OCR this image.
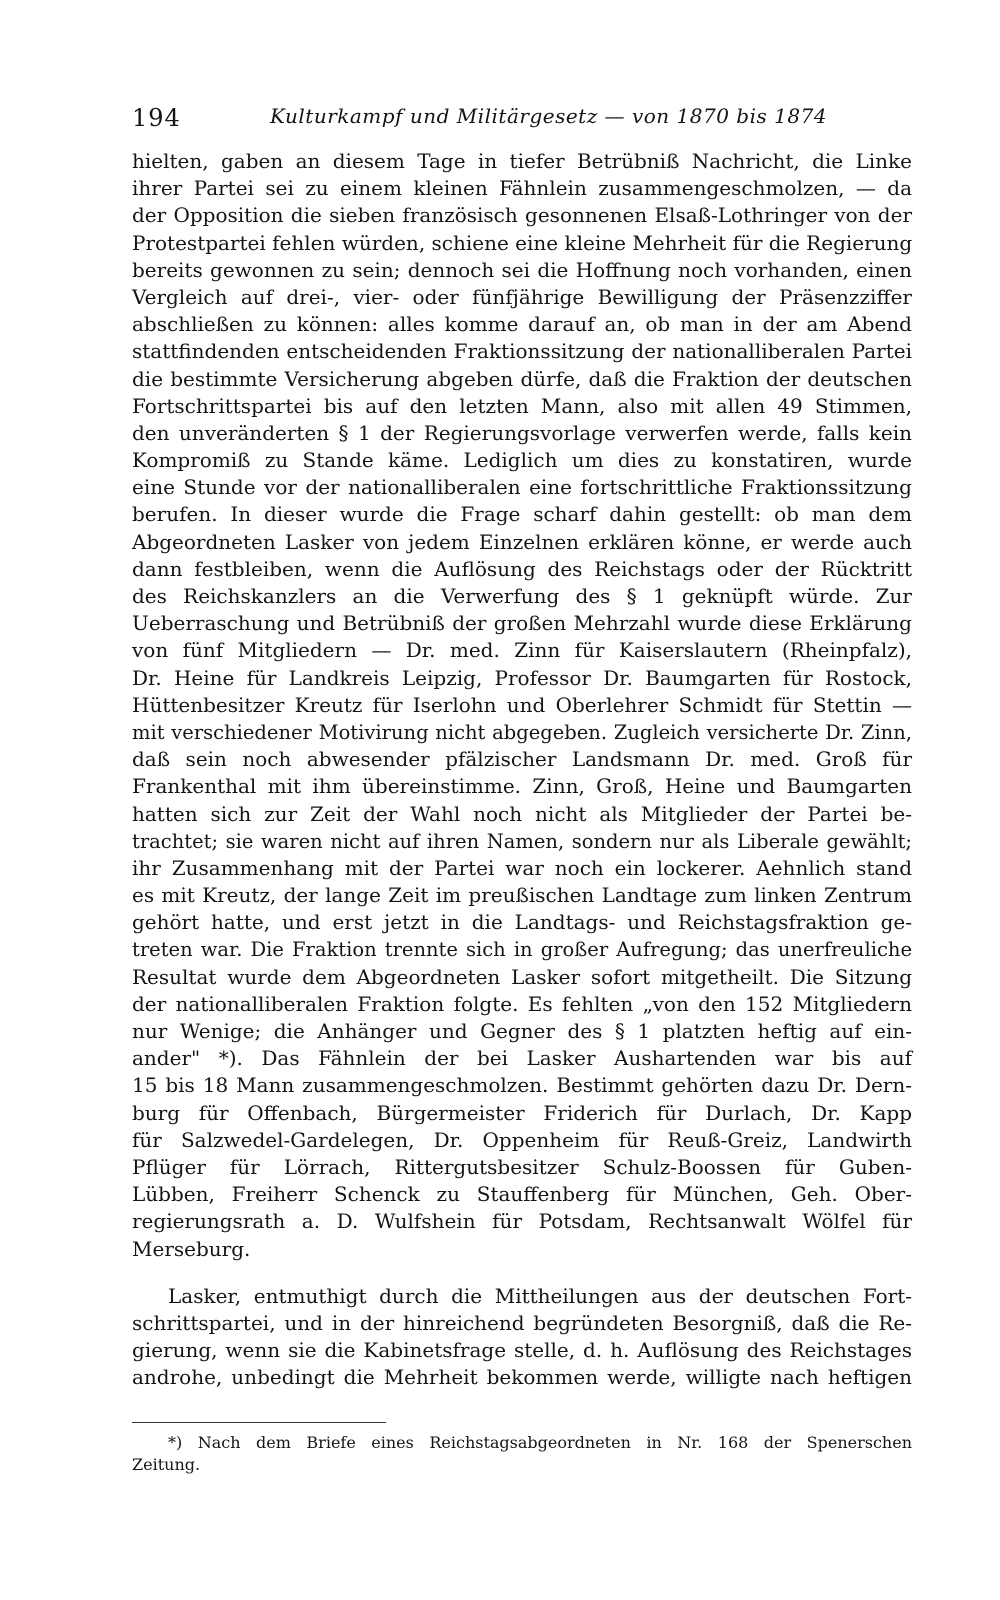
194	Kulturkampf und Militärgesetz — von 1870 bis 1874
hielten, gaben an diesem Tage in tiefer Betrübniß Nachricht, die Linke
ihrer Partei sei zu einem kleinen Fähnlein zusammengeschmolzen, — da
der Opposition die sieben französisch gesonnenen Elsaß-Lothringer von der
Protestpartei fehlen würden, schiene eine kleine Mehrheit für die Regierung
bereits gewonnen zu sein; dennoch sei die Hoffnung noch vorhanden, einen
Vergleich auf drei-, vier- oder fünfjährige Bewilligung der Präsenzziffer
abschließen zu können: alles komme darauf an, ob man in der am Abend
stattfindenden entscheidenden Fraktionssitzung der nationalliberalen Partei
die bestimmte Versicherung abgeben dürfe, daß die Fraktion der deutschen
Fortschrittspartei bis auf den letzten Mann, also mit allen 49 Stimmen,
den unveränderten § 1 der Regierungsvorlage verwerfen werde, falls kein
Kompromiß zu Stande käme. Lediglich um dies zu konstatiren, wurde
eine Stunde vor der nationalliberalen eine fortschrittliche Fraktionssitzung
berufen. In dieser wurde die Frage scharf dahin gestellt: ob man dem
Abgeordneten Lasker von jedem Einzelnen erklären könne, er werde auch
dann festbleiben, wenn die Auflösung des Reichstags oder der Rücktritt
des Reichskanzlers an die Verwerfung des § 1 geknüpft würde. Zur
Ueberraschung und Betrübniß der großen Mehrzahl wurde diese Erklärung
von fünf Mitgliedern — Dr. med. Zinn für Kaiserslautern (Rheinpfalz),
Dr. Heine für Landkreis Leipzig, Professor Dr. Baumgarten für Rostock,
Hüttenbesitzer Kreutz für Iserlohn und Oberlehrer Schmidt für Stettin —
mit verschiedener Motivirung nicht abgegeben. Zugleich versicherte Dr. Zinn,
daß sein noch abwesender pfälzischer Landsmann Dr. med. Groß für
Frankenthal mit ihm übereinstimme. Zinn, Groß, Heine und Baumgarten
hatten sich zur Zeit der Wahl noch nicht als Mitglieder der Partei be-
trachtet; sie waren nicht auf ihren Namen, sondern nur als Liberale gewählt;
ihr Zusammenhang mit der Partei war noch ein lockerer. Aehnlich stand
es mit Kreutz, der lange Zeit im preußischen Landtage zum linken Zentrum
gehört hatte, und erst jetzt in die Landtags- und Reichstagsfraktion ge-
treten war. Die Fraktion trennte sich in großer Aufregung; das unerfreuliche
Resultat wurde dem Abgeordneten Lasker sofort mitgetheilt. Die Sitzung
der nationalliberalen Fraktion folgte. Es fehlten „von den 152 Mitgliedern
nur Wenige; die Anhänger und Gegner des § 1 platzten heftig auf ein-
ander" *). Das Fähnlein der bei Lasker Aushartenden war bis auf
15 bis 18 Mann zusammengeschmolzen. Bestimmt gehörten dazu Dr. Dern-
burg für Offenbach, Bürgermeister Friderich für Durlach, Dr. Kapp
für Salzwedel-Gardelegen, Dr. Oppenheim für Reuß-Greiz, Landwirth
Pflüger für Lörrach, Rittergutsbesitzer Schulz-Boossen für Guben-
Lübben, Freiherr Schenck zu Stauffenberg für München, Geh. Ober-
regierungsrath a. D. Wulfshein für Potsdam, Rechtsanwalt Wölfel für
Merseburg.
Lasker, entmuthigt durch die Mittheilungen aus der deutschen Fort-
schrittspartei, und in der hinreichend begründeten Besorgniß, daß die Re-
gierung, wenn sie die Kabinetsfrage stelle, d. h. Auflösung des Reichstages
androhe, unbedingt die Mehrheit bekommen werde, willigte nach heftigen
*) Nach dem Briefe eines Reichstagsabgeordneten in Nr. 168 der Spenerschen
Zeitung.
